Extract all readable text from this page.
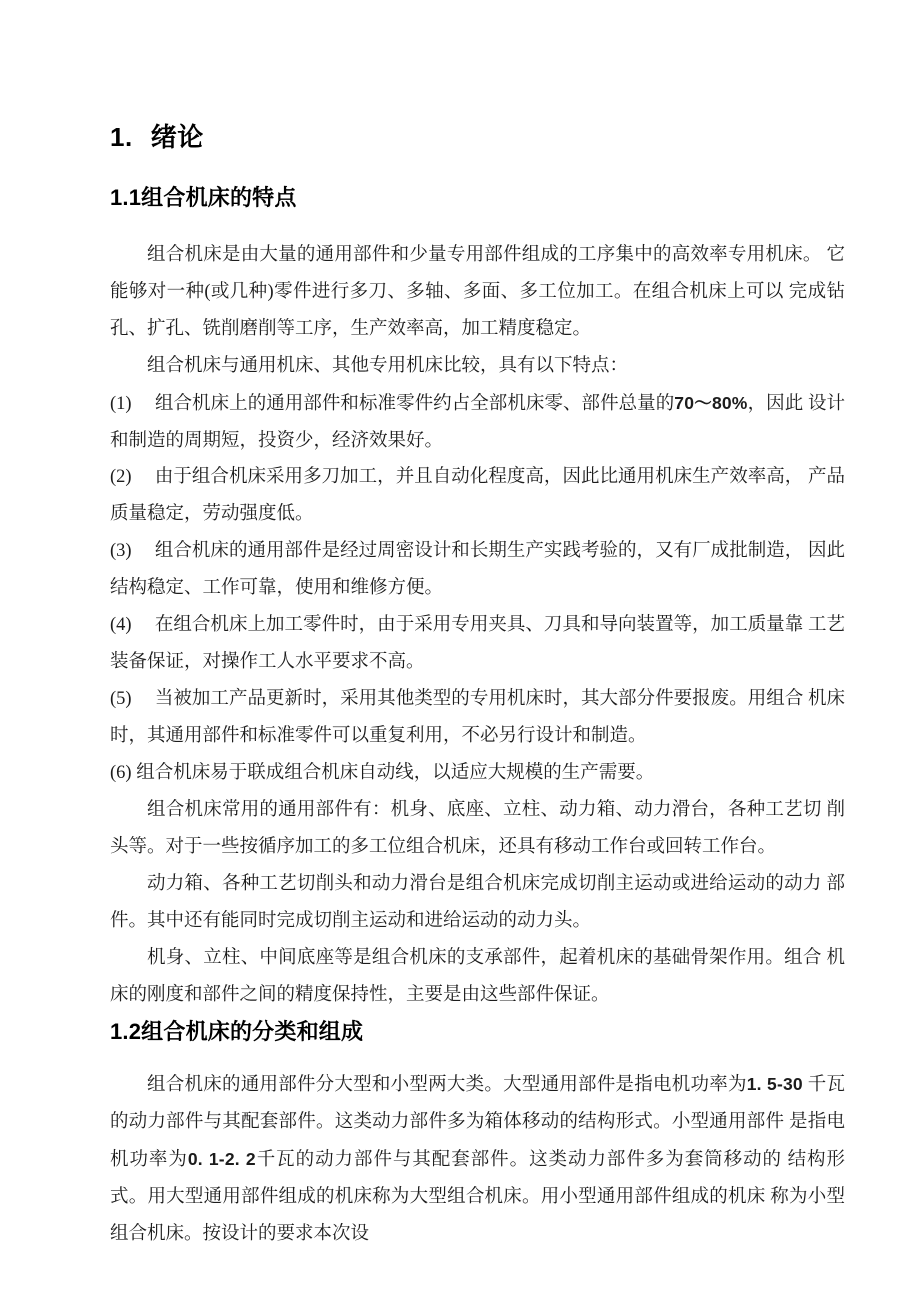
1. 绪论
1.1组合机床的特点

组合机床是由大量的通用部件和少量专用部件组成的工序集中的高效率专用机床。 它能够对一种(或几种)零件进行多刀、多轴、多面、多工位加工。在组合机床上可以 完成钻孔、扩孔、铣削磨削等工序，生产效率高，加工精度稳定。

组合机床与通用机床、其他专用机床比较，具有以下特点：

(1) 组合机床上的通用部件和标准零件约占全部机床零、部件总量的70〜80%，因此 设计和制造的周期短，投资少，经济效果好。

(2) 由于组合机床采用多刀加工，并且自动化程度高，因此比通用机床生产效率高， 产品质量稳定，劳动强度低。

(3) 组合机床的通用部件是经过周密设计和长期生产实践考验的，又有厂成批制造， 因此结构稳定、工作可靠，使用和维修方便。

(4) 在组合机床上加工零件时，由于采用专用夹具、刀具和导向装置等，加工质量靠 工艺装备保证，对操作工人水平要求不高。

(5) 当被加工产品更新时，采用其他类型的专用机床时，其大部分件要报废。用组合 机床时，其通用部件和标准零件可以重复利用，不必另行设计和制造。

(6) 组合机床易于联成组合机床自动线，以适应大规模的生产需要。

组合机床常用的通用部件有：机身、底座、立柱、动力箱、动力滑台，各种工艺切 削头等。对于一些按循序加工的多工位组合机床，还具有移动工作台或回转工作台。

动力箱、各种工艺切削头和动力滑台是组合机床完成切削主运动或进给运动的动力 部件。其中还有能同时完成切削主运动和进给运动的动力头。

机身、立柱、中间底座等是组合机床的支承部件，起着机床的基础骨架作用。组合 机床的刚度和部件之间的精度保持性，主要是由这些部件保证。

1.2组合机床的分类和组成

组合机床的通用部件分大型和小型两大类。大型通用部件是指电机功率为1. 5-30 千瓦的动力部件与其配套部件。这类动力部件多为箱体移动的结构形式。小型通用部件 是指电机功率为0. 1-2. 2千瓦的动力部件与其配套部件。这类动力部件多为套筒移动的 结构形式。用大型通用部件组成的机床称为大型组合机床。用小型通用部件组成的机床 称为小型组合机床。按设计的要求本次设
